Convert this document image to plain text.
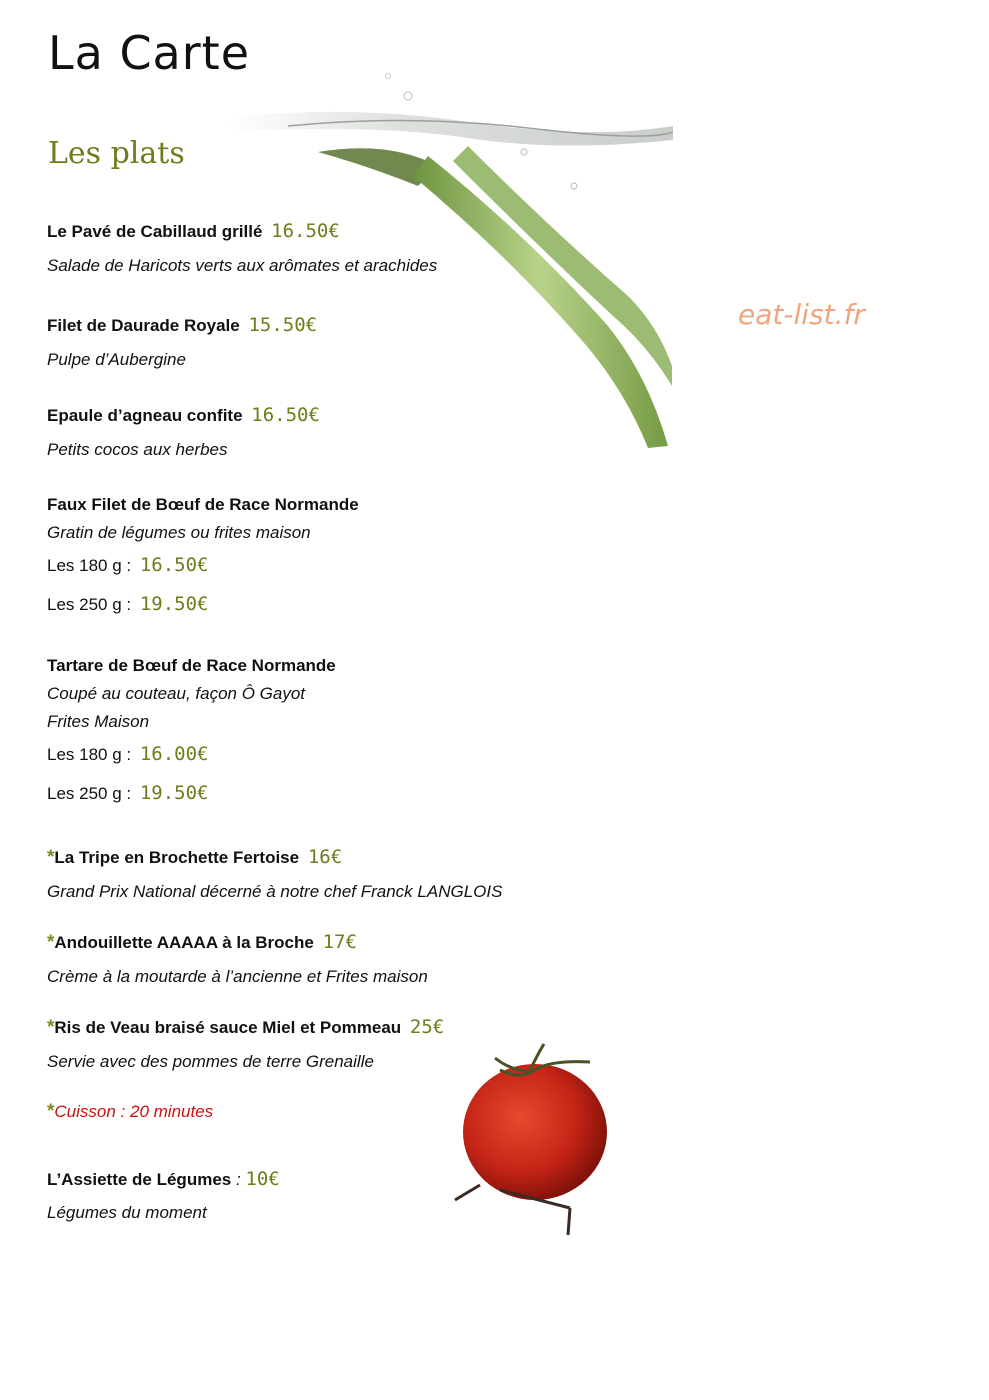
La Carte
Les plats
eat-list.fr
Le Pavé de Cabillaud grillé 16.50€
Salade de Haricots verts aux arômates et arachides
Filet de Daurade Royale 15.50€
Pulpe d’Aubergine
Epaule d’agneau confite 16.50€
Petits cocos aux herbes
Faux Filet de Bœuf de Race Normande
Gratin de légumes ou frites maison
Les 180 g : 16.50€
Les 250 g : 19.50€
Tartare de Bœuf de Race Normande
Coupé au couteau, façon Ô Gayot
Frites Maison
Les 180 g : 16.00€
Les 250 g : 19.50€
*La Tripe en Brochette Fertoise 16€
Grand Prix National décerné à notre chef Franck LANGLOIS
*Andouillette AAAAA à la Broche 17€
Crème à la moutarde à l’ancienne et Frites maison
*Ris de Veau braisé sauce Miel et Pommeau 25€
Servie avec des pommes de terre Grenaille
*Cuisson : 20 minutes
L’Assiette de Légumes : 10€
Légumes du moment
